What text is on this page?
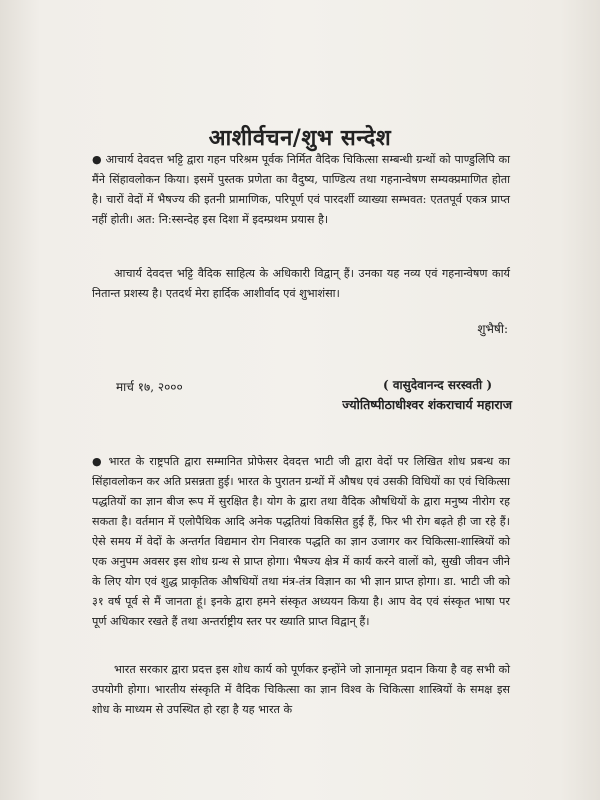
आशीर्वचन/शुभ सन्देश

● आचार्य देवदत्त भट्टि द्वारा गहन परिश्रम पूर्वक निर्मित वैदिक चिकित्सा सम्बन्धी ग्रन्थों को पाण्डुलिपि का मैंने सिंहावलोकन किया। इसमें पुस्तक प्रणेता का वैदुष्य, पाण्डित्य तथा गहनान्वेषण सम्यक्प्रमाणित होता है। चारों वेदों में भैषज्य की इतनी प्रामाणिक, परिपूर्ण एवं पारदर्शी व्याख्या सम्भवत: एततपूर्व एकत्र प्राप्त नहीं होती। अत: नि:स्सन्देह इस दिशा में इदम्प्रथम प्रयास है।

आचार्य देवदत्त भट्टि वैदिक साहित्य के अधिकारी विद्वान् हैं। उनका यह नव्य एवं गहनान्वेषण कार्य नितान्त प्रशस्य है। एतदर्थ मेरा हार्दिक आशीर्वाद एवं शुभाशंसा।

शुभैषी:
मार्च १७, २०००	( वासुदेवानन्द सरस्वती )
ज्योतिष्पीठाधीश्वर शंकराचार्य महाराज

● भारत के राष्ट्रपति द्वारा सम्मानित प्रोफेसर देवदत्त भाटी जी द्वारा वेदों पर लिखित शोध प्रबन्ध का सिंहावलोकन कर अति प्रसन्नता हुई। भारत के पुरातन ग्रन्थों में औषध एवं उसकी विधियों का एवं चिकित्सा पद्धतियों का ज्ञान बीज रूप में सुरक्षित है। योग के द्वारा तथा वैदिक औषधियों के द्वारा मनुष्य नीरोग रह सकता है। वर्तमान में एलोपैथिक आदि अनेक पद्धतियां विकसित हुई हैं, फिर भी रोग बढ़ते ही जा रहे हैं। ऐसे समय में वेदों के अन्तर्गत विद्यमान रोग निवारक पद्धति का ज्ञान उजागर कर चिकित्सा-शास्त्रियों को एक अनुपम अवसर इस शोध ग्रन्थ से प्राप्त होगा। भैषज्य क्षेत्र में कार्य करने वालों को, सुखी जीवन जीने के लिए योग एवं शुद्ध प्राकृतिक औषधियों तथा मंत्र-तंत्र विज्ञान का भी ज्ञान प्राप्त होगा। डा. भाटी जी को ३१ वर्ष पूर्व से मैं जानता हूं। इनके द्वारा हमने संस्कृत अध्ययन किया है। आप वेद एवं संस्कृत भाषा पर पूर्ण अधिकार रखते हैं तथा अन्तर्राष्ट्रीय स्तर पर ख्याति प्राप्त विद्वान् हैं।

भारत सरकार द्वारा प्रदत्त इस शोध कार्य को पूर्णकर इन्होंने जो ज्ञानामृत प्रदान किया है वह सभी को उपयोगी होगा। भारतीय संस्कृति में वैदिक चिकित्सा का ज्ञान विश्व के चिकित्सा शास्त्रियों के समक्ष इस शोध के माध्यम से उपस्थित हो रहा है यह भारत के
